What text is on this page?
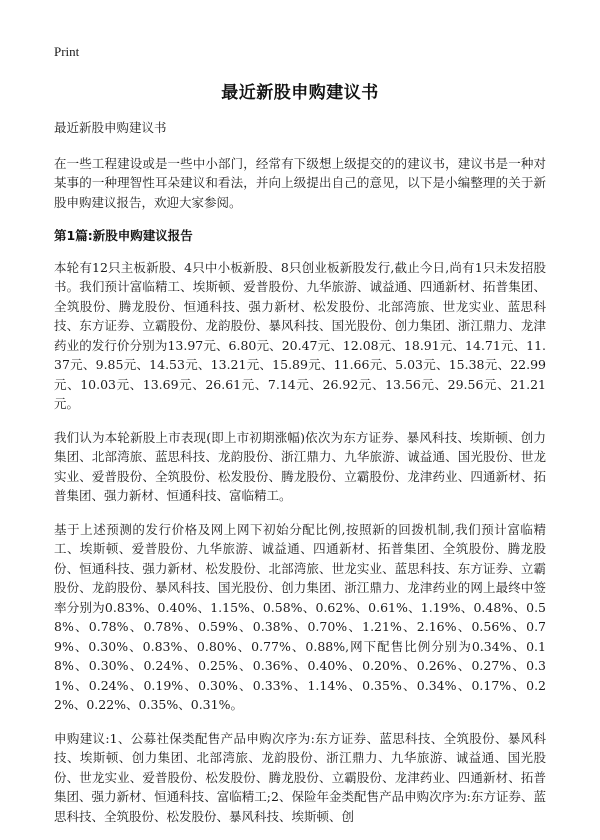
Print
最近新股申购建议书

最近新股申购建议书

在一些工程建设或是一些中小部门，经常有下级想上级提交的的建议书，建议书是一种对某事的一种理智性耳朵建议和看法，并向上级提出自己的意见，以下是小编整理的关于新股申购建议报告，欢迎大家参阅。

第1篇:新股申购建议报告

本轮有12只主板新股、4只中小板新股、8只创业板新股发行,截止今日,尚有1只未发招股书。我们预计富临精工、埃斯顿、爱普股份、九华旅游、诚益通、四通新材、拓普集团、全筑股份、腾龙股份、恒通科技、强力新材、松发股份、北部湾旅、世龙实业、蓝思科技、东方证券、立霸股份、龙韵股份、暴风科技、国光股份、创力集团、浙江鼎力、龙津药业的发行价分别为13.97元、6.80元、20.47元、12.08元、18.91元、14.71元、11.37元、9.85元、14.53元、13.21元、15.89元、11.66元、5.03元、15.38元、22.99元、10.03元、13.69元、26.61元、7.14元、26.92元、13.56元、29.56元、21.21元。

我们认为本轮新股上市表现(即上市初期涨幅)依次为东方证券、暴风科技、埃斯顿、创力集团、北部湾旅、蓝思科技、龙韵股份、浙江鼎力、九华旅游、诚益通、国光股份、世龙实业、爱普股份、全筑股份、松发股份、腾龙股份、立霸股份、龙津药业、四通新材、拓普集团、强力新材、恒通科技、富临精工。

基于上述预测的发行价格及网上网下初始分配比例,按照新的回拨机制,我们预计富临精工、埃斯顿、爱普股份、九华旅游、诚益通、四通新材、拓普集团、全筑股份、腾龙股份、恒通科技、强力新材、松发股份、北部湾旅、世龙实业、蓝思科技、东方证券、立霸股份、龙韵股份、暴风科技、国光股份、创力集团、浙江鼎力、龙津药业的网上最终中签率分别为0.83%、0.40%、1.15%、0.58%、0.62%、0.61%、1.19%、0.48%、0.58%、0.78%、0.78%、0.59%、0.38%、0.70%、1.21%、2.16%、0.56%、0.79%、0.30%、0.83%、0.80%、0.77%、0.88%,网下配售比例分别为0.34%、0.18%、0.30%、0.24%、0.25%、0.36%、0.40%、0.20%、0.26%、0.27%、0.31%、0.24%、0.19%、0.30%、0.33%、1.14%、0.35%、0.34%、0.17%、0.22%、0.22%、0.35%、0.31%。

申购建议:1、公募社保类配售产品申购次序为:东方证券、蓝思科技、全筑股份、暴风科技、埃斯顿、创力集团、北部湾旅、龙韵股份、浙江鼎力、九华旅游、诚益通、国光股份、世龙实业、爱普股份、松发股份、腾龙股份、立霸股份、龙津药业、四通新材、拓普集团、强力新材、恒通科技、富临精工;2、保险年金类配售产品申购次序为:东方证券、蓝思科技、全筑股份、松发股份、暴风科技、埃斯顿、创
